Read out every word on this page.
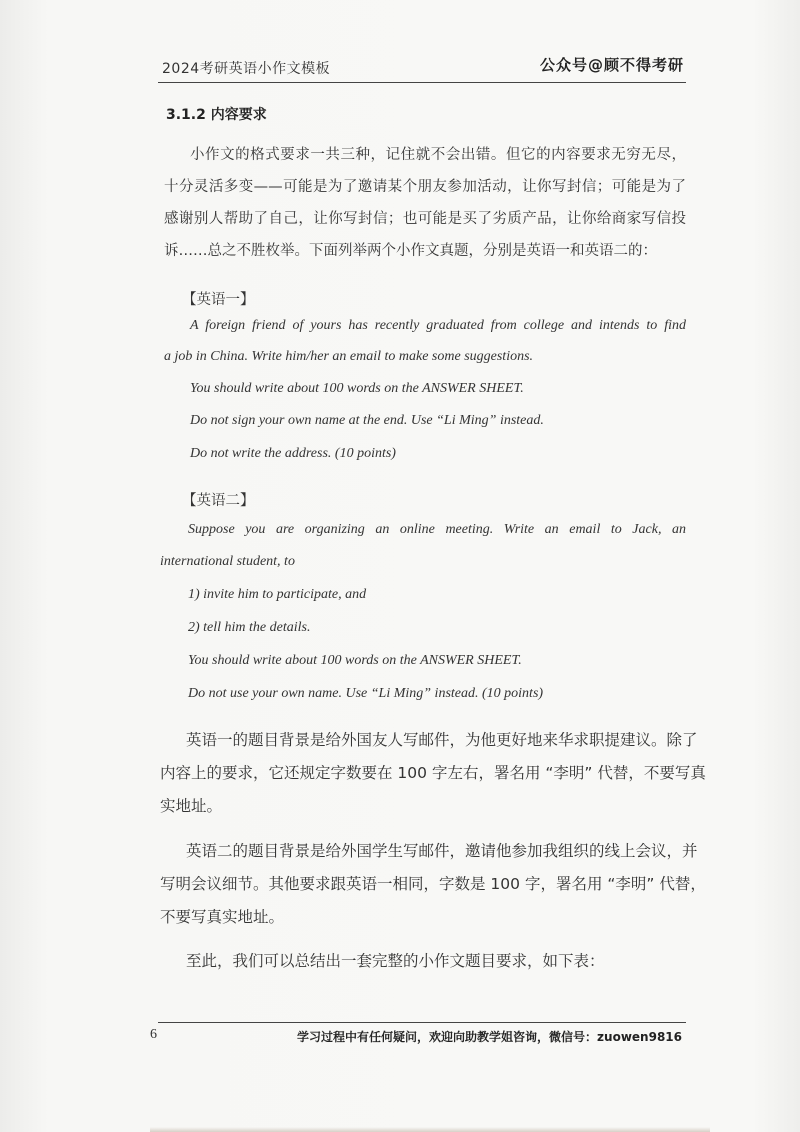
2024考研英语小作文模板	公众号@顾不得考研
3.1.2 内容要求
小作文的格式要求一共三种，记住就不会出错。但它的内容要求无穷无尽，
十分灵活多变——可能是为了邀请某个朋友参加活动，让你写封信；可能是为了
感谢别人帮助了自己，让你写封信；也可能是买了劣质产品，让你给商家写信投
诉……总之不胜枚举。下面列举两个小作文真题，分别是英语一和英语二的：
【英语一】
A foreign friend of yours has recently graduated from college and intends to find
a job in China. Write him/her an email to make some suggestions.
You should write about 100 words on the ANSWER SHEET.
Do not sign your own name at the end. Use “Li Ming” instead.
Do not write the address. (10 points)
【英语二】
Suppose you are organizing an online meeting. Write an email to Jack, an
international student, to
1) invite him to participate, and
2) tell him the details.
You should write about 100 words on the ANSWER SHEET.
Do not use your own name. Use “Li Ming” instead. (10 points)
英语一的题目背景是给外国友人写邮件，为他更好地来华求职提建议。除了
内容上的要求，它还规定字数要在 100 字左右，署名用 “李明” 代替，不要写真
实地址。
英语二的题目背景是给外国学生写邮件，邀请他参加我组织的线上会议，并
写明会议细节。其他要求跟英语一相同，字数是 100 字，署名用 “李明” 代替，
不要写真实地址。
至此，我们可以总结出一套完整的小作文题目要求，如下表：
6	学习过程中有任何疑问，欢迎向助教学姐咨询，微信号：zuowen9816
